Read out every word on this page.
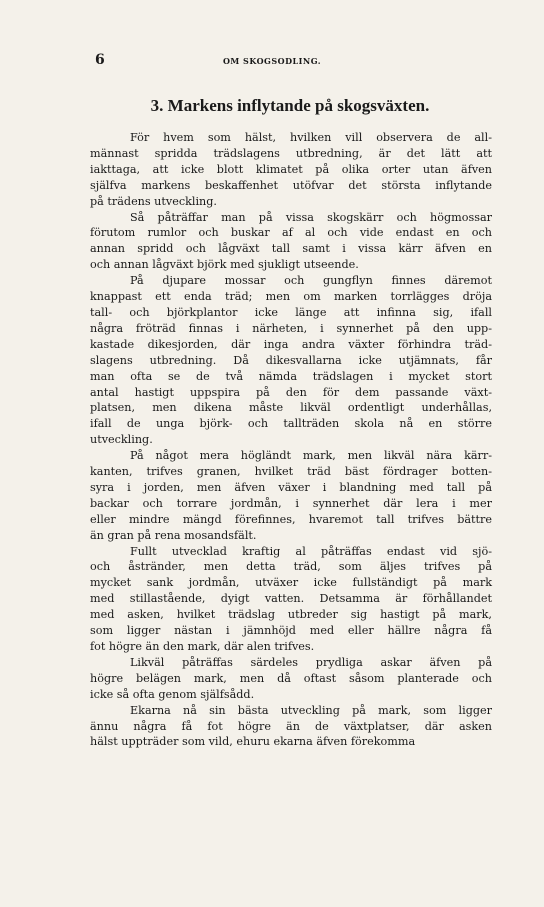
6	OM SKOGSODLING.
3. Markens inflytande på skogsväxten.
För hvem som hälst, hvilken vill observera de all-
männast spridda trädslagens utbredning, är det lätt att
iakttaga, att icke blott klimatet på olika orter utan äfven
själfva markens beskaffenhet utöfvar det största inflytande
på trädens utveckling.
Så påträffar man på vissa skogskärr och högmossar
förutom rumlor och buskar af al och vide endast en och
annan spridd och lågväxt tall samt i vissa kärr äfven en
och annan lågväxt björk med sjukligt utseende.
På djupare mossar och gungflyn finnes däremot
knappast ett enda träd; men om marken torrlägges dröja
tall- och björkplantor icke länge att infinna sig, ifall
några fröträd finnas i närheten, i synnerhet på den upp-
kastade dikesjorden, där inga andra växter förhindra träd-
slagens utbredning. Då dikesvallarna icke utjämnats, får
man ofta se de två nämda trädslagen i mycket stort
antal hastigt uppspira på den för dem passande växt-
platsen, men dikena måste likväl ordentligt underhållas,
ifall de unga björk- och tallträden skola nå en större
utveckling.
På något mera högländt mark, men likväl nära kärr-
kanten, trifves granen, hvilket träd bäst fördrager botten-
syra i jorden, men äfven växer i blandning med tall på
backar och torrare jordmån, i synnerhet där lera i mer
eller mindre mängd förefinnes, hvaremot tall trifves bättre
än gran på rena mosandsfält.
Fullt utvecklad kraftig al påträffas endast vid sjö-
och åstränder, men detta träd, som äljes trifves på
mycket sank jordmån, utväxer icke fullständigt på mark
med stillastående, dyigt vatten. Detsamma är förhållandet
med asken, hvilket trädslag utbreder sig hastigt på mark,
som ligger nästan i jämnhöjd med eller hällre några få
fot högre än den mark, där alen trifves.
Likväl påträffas särdeles prydliga askar äfven på
högre belägen mark, men då oftast såsom planterade och
icke så ofta genom själfsådd.
Ekarna nå sin bästa utveckling på mark, som ligger
ännu några få fot högre än de växtplatser, där asken
hälst uppträder som vild, ehuru ekarna äfven förekomma
